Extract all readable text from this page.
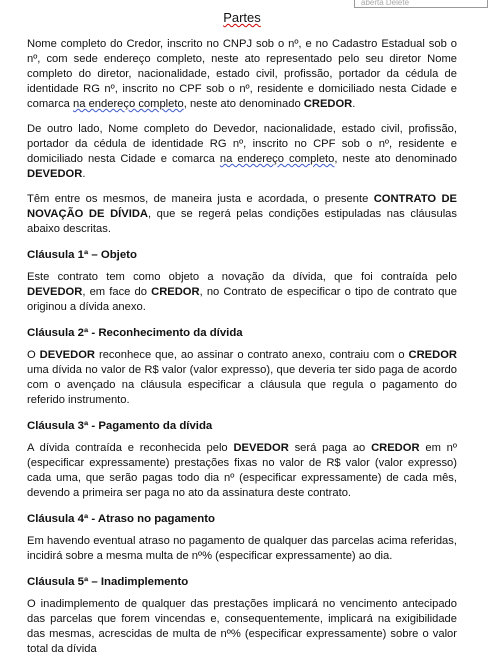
aberta Delete
Partes

Nome completo do Credor, inscrito no CNPJ sob o nº, e no Cadastro Estadual sob o nº, com sede endereço completo, neste ato representado pelo seu diretor Nome completo do diretor, nacionalidade, estado civil, profissão, portador da cédula de identidade RG nº, inscrito no CPF sob o nº, residente e domiciliado nesta Cidade e comarca na endereço completo, neste ato denominado CREDOR.

De outro lado, Nome completo do Devedor, nacionalidade, estado civil, profissão, portador da cédula de identidade RG nº, inscrito no CPF sob o nº, residente e domiciliado nesta Cidade e comarca na endereço completo, neste ato denominado DEVEDOR.

Têm entre os mesmos, de maneira justa e acordada, o presente CONTRATO DE NOVAÇÃO DE DÍVIDA, que se regerá pelas condições estipuladas nas cláusulas abaixo descritas.

Cláusula 1ª – Objeto

Este contrato tem como objeto a novação da dívida, que foi contraída pelo DEVEDOR, em face do CREDOR, no Contrato de especificar o tipo de contrato que originou a dívida anexo.

Cláusula 2ª - Reconhecimento da dívida

O DEVEDOR reconhece que, ao assinar o contrato anexo, contraiu com o CREDOR uma dívida no valor de R$ valor (valor expresso), que deveria ter sido paga de acordo com o avençado na cláusula especificar a cláusula que regula o pagamento do referido instrumento.

Cláusula 3ª - Pagamento da dívida

A dívida contraída e reconhecida pelo DEVEDOR será paga ao CREDOR em nº (especificar expressamente) prestações fixas no valor de R$ valor (valor expresso) cada uma, que serão pagas todo dia nº (especificar expressamente) de cada mês, devendo a primeira ser paga no ato da assinatura deste contrato.

Cláusula 4ª - Atraso no pagamento

Em havendo eventual atraso no pagamento de qualquer das parcelas acima referidas, incidirá sobre a mesma multa de nº% (especificar expressamente) ao dia.

Cláusula 5ª – Inadimplemento

O inadimplemento de qualquer das prestações implicará no vencimento antecipado das parcelas que forem vincendas e, consequentemente, implicará na exigibilidade das mesmas, acrescidas de multa de nº% (especificar expressamente) sobre o valor total da dívida
